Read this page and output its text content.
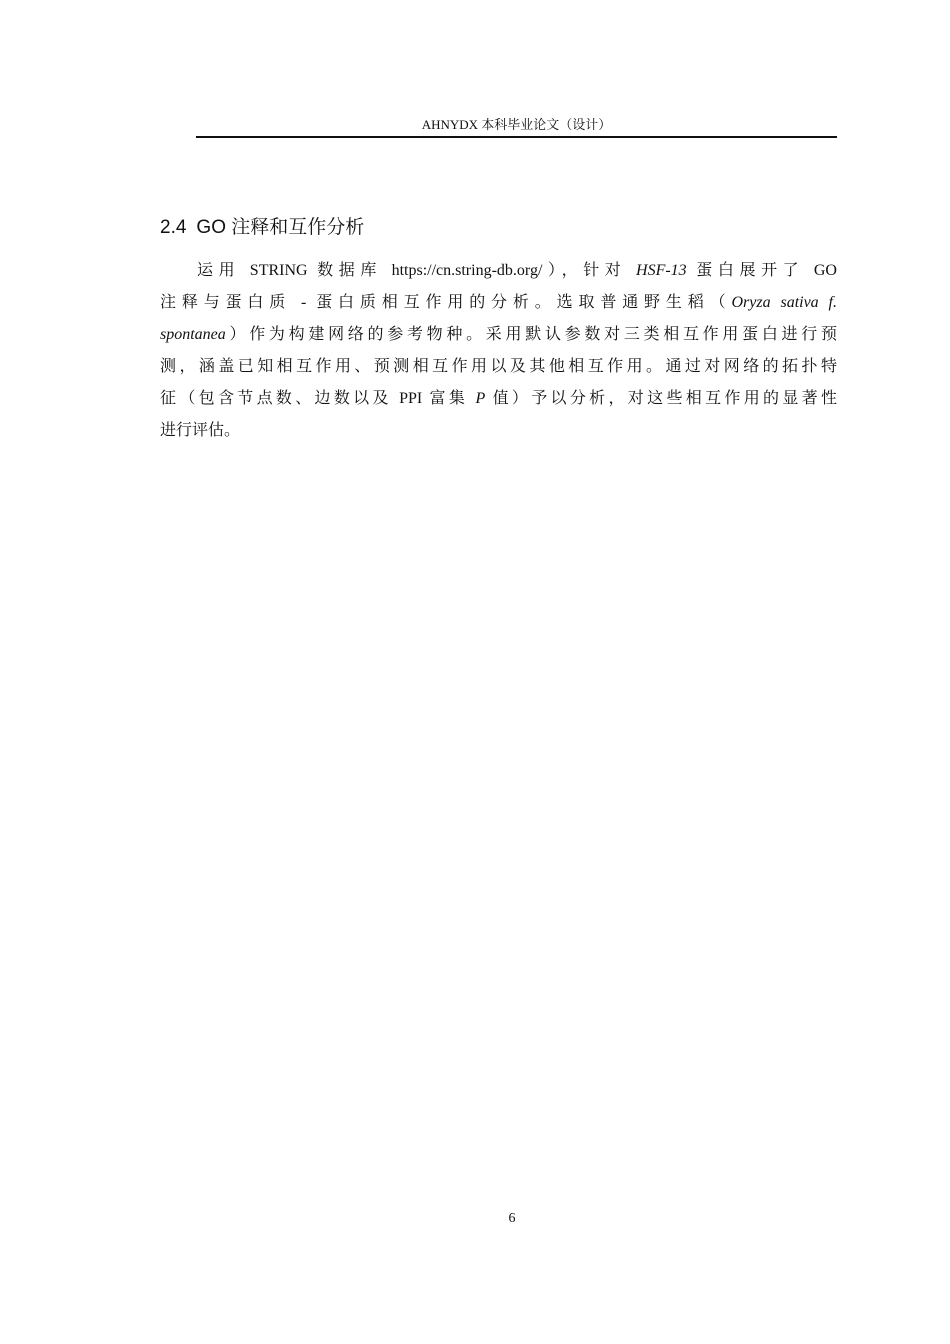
AHNYDX 本科毕业论文（设计）
2.4 GO 注释和互作分析
运用 STRING 数据库 https://cn.string-db.org/），针对 HSF-13 蛋白展开了 GO
注释与蛋白质 - 蛋白质相互作用的分析。选取普通野生稻（Oryza sativa f.
spontanea）作为构建网络的参考物种。采用默认参数对三类相互作用蛋白进行预
测，涵盖已知相互作用、预测相互作用以及其他相互作用。通过对网络的拓扑特
征（包含节点数、边数以及 PPI 富集 P 值）予以分析，对这些相互作用的显著性
进行评估。
6
